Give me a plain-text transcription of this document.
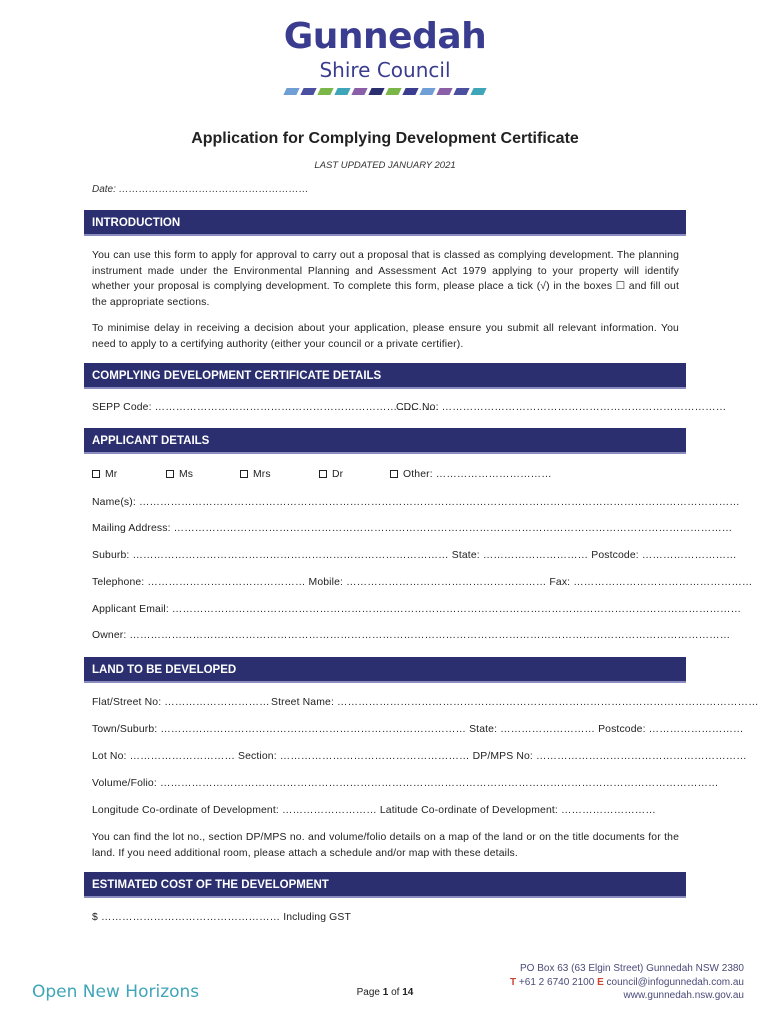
Gunnedah
Shire Council
Application for Complying Development Certificate
LAST UPDATED JANUARY 2021
Date: …………………………………………………
INTRODUCTION
You can use this form to apply for approval to carry out a proposal that is classed as complying development. The planning instrument made under the Environmental Planning and Assessment Act 1979 applying to your property will identify whether your proposal is complying development. To complete this form, please place a tick (√) in the boxes ☐ and fill out the appropriate sections.
To minimise delay in receiving a decision about your application, please ensure you submit all relevant information. You need to apply to a certifying authority (either your council or a private certifier).
COMPLYING DEVELOPMENT CERTIFICATE DETAILS
SEPP Code: ………………………………………………………………………
CDC No: ………………………………………………………………………
APPLICANT DETAILS
Mr	Ms	Mrs	Dr	Other: ……………………………
Name(s): ………………………………………………………………………………………………………………………………………………………
Mailing Address: ……………………………………………………………………………………………………………………………………………
Suburb: ……………………………………………………………………………… State: ………………………… Postcode: ………………………
Telephone: ……………………………………… Mobile: ………………………………………………… Fax: ……………………………………………
Applicant Email: ………………………………………………………………………………………………………………………………………………
Owner: ………………………………………………………………………………………………………………………………………………………
LAND TO BE DEVELOPED
Flat/Street No: ………………………… Street Name: …………………………………………………………………………………………………………
Town/Suburb: …………………………………………………………………………… State: ……………………… Postcode: ………………………
Lot No: ………………………… Section: ……………………………………………… DP/MPS No: ……………………………………………………
Volume/Folio: ……………………………………………………………………………………………………………………………………………
Longitude Co-ordinate of Development: ……………………… Latitude Co-ordinate of Development: ………………………
You can find the lot no., section DP/MPS no. and volume/folio details on a map of the land or on the title documents for the land. If you need additional room, please attach a schedule and/or map with these details.
ESTIMATED COST OF THE DEVELOPMENT
$ …………………………………………… Including GST
Open New Horizons	Page 1 of 14
PO Box 63 (63 Elgin Street) Gunnedah NSW 2380
T +61 2 6740 2100 E council@infogunnedah.com.au
www.gunnedah.nsw.gov.au
